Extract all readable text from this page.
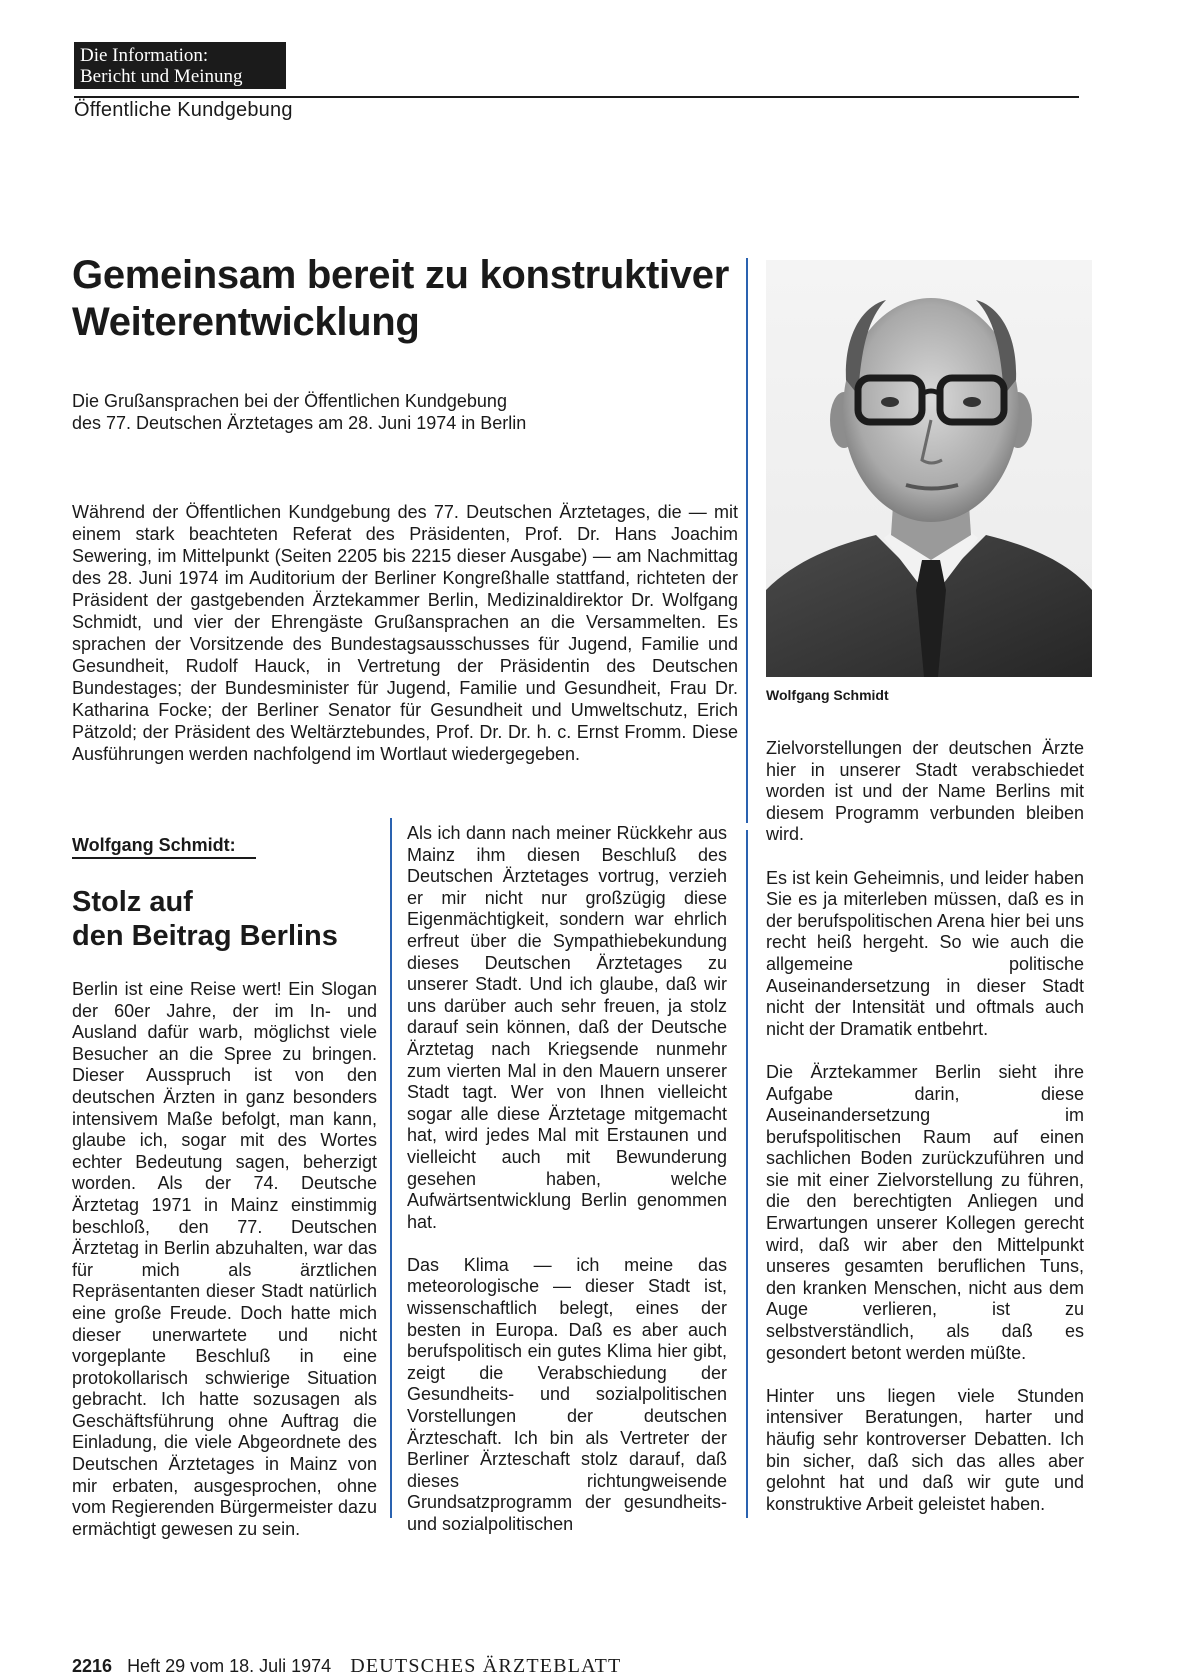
Die Information:
Bericht und Meinung
Öffentliche Kundgebung
Gemeinsam bereit zu konstruktiver Weiterentwicklung
Die Grußansprachen bei der Öffentlichen Kundgebung
des 77. Deutschen Ärztetages am 28. Juni 1974 in Berlin

Während der Öffentlichen Kundgebung des 77. Deutschen Ärztetages, die — mit einem stark beachteten Referat des Präsidenten, Prof. Dr. Hans Joachim Sewering, im Mittelpunkt (Seiten 2205 bis 2215 dieser Ausgabe) — am Nachmittag des 28. Juni 1974 im Auditorium der Berliner Kongreßhalle stattfand, richteten der Präsident der gastgebenden Ärztekammer Berlin, Medizinaldirektor Dr. Wolfgang Schmidt, und vier der Ehrengäste Grußansprachen an die Versammelten. Es sprachen der Vorsitzende des Bundestagsausschusses für Jugend, Familie und Gesundheit, Rudolf Hauck, in Vertretung der Präsidentin des Deutschen Bundestages; der Bundesminister für Jugend, Familie und Gesundheit, Frau Dr. Katharina Focke; der Berliner Senator für Gesundheit und Umweltschutz, Erich Pätzold; der Präsident des Weltärztebundes, Prof. Dr. Dr. h. c. Ernst Fromm. Diese Ausführungen werden nachfolgend im Wortlaut wiedergegeben.

Wolfgang Schmidt
Wolfgang Schmidt:
Stolz auf
den Beitrag Berlins

Berlin ist eine Reise wert! Ein Slogan der 60er Jahre, der im In- und Ausland dafür warb, möglichst viele Besucher an die Spree zu bringen. Dieser Ausspruch ist von den deutschen Ärzten in ganz besonders intensivem Maße befolgt, man kann, glaube ich, sogar mit des Wortes echter Bedeutung sagen, beherzigt worden. Als der 74. Deutsche Ärztetag 1971 in Mainz einstimmig beschloß, den 77. Deutschen Ärztetag in Berlin abzuhalten, war das für mich als ärztlichen Repräsentanten dieser Stadt natürlich eine große Freude. Doch hatte mich dieser unerwartete und nicht vorgeplante Beschluß in eine protokollarisch schwierige Situation gebracht. Ich hatte sozusagen als Geschäftsführung ohne Auftrag die Einladung, die viele Abgeordnete des Deutschen Ärztetages in Mainz von mir erbaten, ausgesprochen, ohne vom Regierenden Bürgermeister dazu ermächtigt gewesen zu sein.

Als ich dann nach meiner Rückkehr aus Mainz ihm diesen Beschluß des Deutschen Ärztetages vortrug, verzieh er mir nicht nur großzügig diese Eigenmächtigkeit, sondern war ehrlich erfreut über die Sympathiebekundung dieses Deutschen Ärztetages zu unserer Stadt. Und ich glaube, daß wir uns darüber auch sehr freuen, ja stolz darauf sein können, daß der Deutsche Ärztetag nach Kriegsende nunmehr zum vierten Mal in den Mauern unserer Stadt tagt. Wer von Ihnen vielleicht sogar alle diese Ärztetage mitgemacht hat, wird jedes Mal mit Erstaunen und vielleicht auch mit Bewunderung gesehen haben, welche Aufwärtsentwicklung Berlin genommen hat.

Das Klima — ich meine das meteorologische — dieser Stadt ist, wissenschaftlich belegt, eines der besten in Europa. Daß es aber auch berufspolitisch ein gutes Klima hier gibt, zeigt die Verabschiedung der Gesundheits- und sozialpolitischen Vorstellungen der deutschen Ärzteschaft. Ich bin als Vertreter der Berliner Ärzteschaft stolz darauf, daß dieses richtungweisende Grundsatzprogramm der gesundheits- und sozialpolitischen

Zielvorstellungen der deutschen Ärzte hier in unserer Stadt verabschiedet worden ist und der Name Berlins mit diesem Programm verbunden bleiben wird.

Es ist kein Geheimnis, und leider haben Sie es ja miterleben müssen, daß es in der berufspolitischen Arena hier bei uns recht heiß hergeht. So wie auch die allgemeine politische Auseinandersetzung in dieser Stadt nicht der Intensität und oftmals auch nicht der Dramatik entbehrt.

Die Ärztekammer Berlin sieht ihre Aufgabe darin, diese Auseinandersetzung im berufspolitischen Raum auf einen sachlichen Boden zurückzuführen und sie mit einer Zielvorstellung zu führen, die den berechtigten Anliegen und Erwartungen unserer Kollegen gerecht wird, daß wir aber den Mittelpunkt unseres gesamten beruflichen Tuns, den kranken Menschen, nicht aus dem Auge verlieren, ist zu selbstverständlich, als daß es gesondert betont werden müßte.

Hinter uns liegen viele Stunden intensiver Beratungen, harter und häufig sehr kontroverser Debatten. Ich bin sicher, daß sich das alles aber gelohnt hat und daß wir gute und konstruktive Arbeit geleistet haben.

2216 Heft 29 vom 18. Juli 1974 DEUTSCHES ÄRZTEBLATT
